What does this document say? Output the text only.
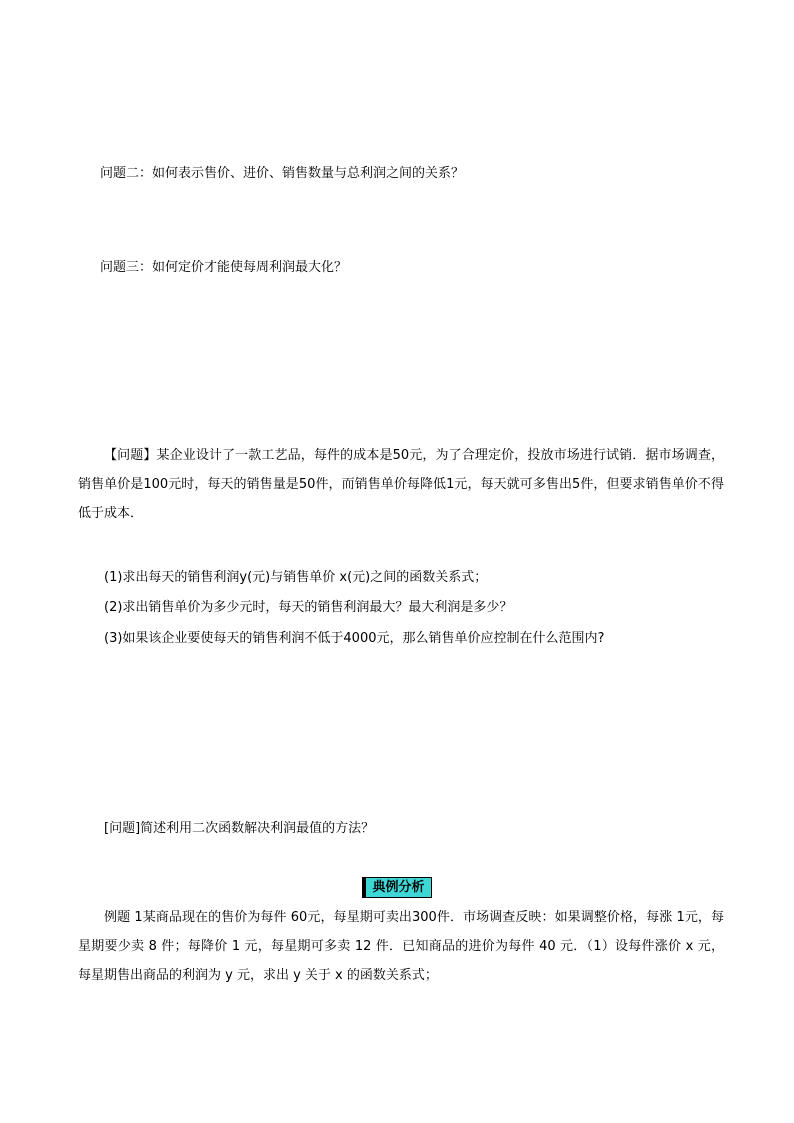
问题二：如何表示售价、进价、销售数量与总利润之间的关系？
问题三：如何定价才能使每周利润最大化？
【问题】某企业设计了一款工艺品，每件的成本是50元，为了合理定价，投放市场进行试销．据市场调查，销售单价是100元时，每天的销售量是50件，而销售单价每降低1元，每天就可多售出5件，但要求销售单价不得低于成本．
(1)求出每天的销售利润y(元)与销售单价 x(元)之间的函数关系式；
(2)求出销售单价为多少元时，每天的销售利润最大？最大利润是多少？
(3)如果该企业要使每天的销售利润不低于4000元，那么销售单价应控制在什么范围内?
[问题]简述利用二次函数解决利润最值的方法？
典例分析
例题 1某商品现在的售价为每件 60元，每星期可卖出300件．市场调查反映：如果调整价格，每涨 1元，每星期要少卖 8 件；每降价 1 元，每星期可多卖 12 件．已知商品的进价为每件 40 元．（1）设每件涨价 x 元，每星期售出商品的利润为 y 元，求出 y 关于 x 的函数关系式；
